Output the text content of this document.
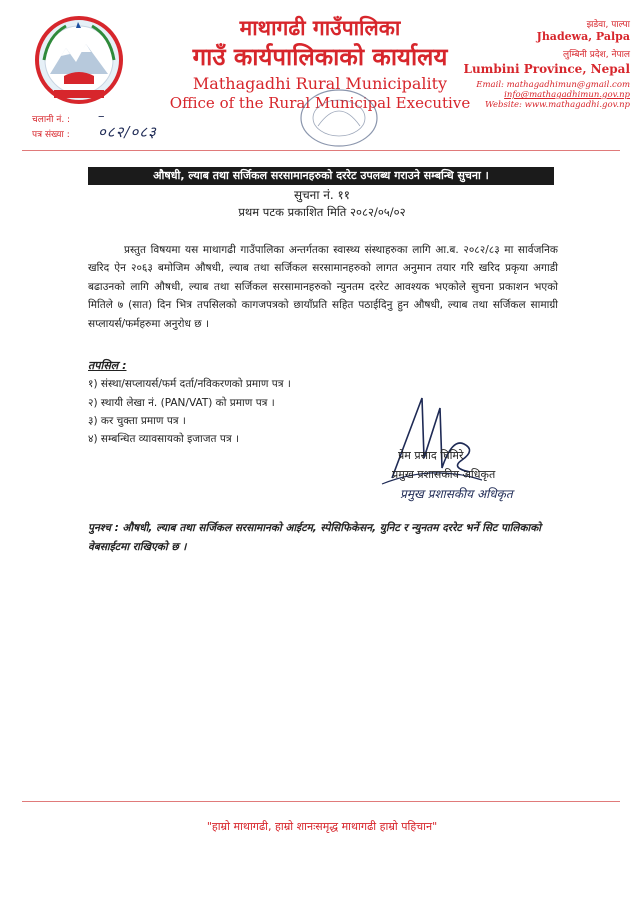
माथागढी गाउँपालिका
गाउँ कार्यपालिकाको कार्यालय
Mathagadhi Rural Municipality
Office of the Rural Municipal Executive
झडेवा, पाल्पा
Jhadewa, Palpa
लुम्बिनी प्रदेश, नेपाल
Lumbini Province, Nepal
Email: mathagadhimun@gmail.com
info@mathagadhimun.gov.np
Website: www.mathagadhi.gov.np
चलानी नं. : –
पत्र संख्या : ०८२/०८३
औषधी, ल्याब तथा सर्जिकल सरसामानहरुको दररेट उपलब्ध गराउने सम्बन्धि सुचना ।
सुचना नं. ११
प्रथम पटक प्रकाशित मिति २०८२/०५/०२
प्रस्तुत विषयमा यस माथागढी गाउँपालिका अन्तर्गतका स्वास्थ्य संस्थाहरुका लागि आ.ब. २०८२/८३ मा सार्वजनिक खरिद ऐन २०६३ बमोजिम औषधी, ल्याब तथा सर्जिकल सरसामानहरुको लागत अनुमान तयार गरि खरिद प्रकृया अगाडी बढाउनको लागि औषधी, ल्याब तथा सर्जिकल सरसामानहरुको न्युनतम दररेट आवश्यक भएकोले सुचना प्रकाशन भएको मितिले ७ (सात) दिन भित्र तपसिलको कागजपत्रको छायाँप्रति सहित पठाईदिनु हुन औषधी, ल्याब तथा सर्जिकल सामाग्री सप्लायर्स/फर्महरुमा अनुरोध छ ।
तपसिल :
१) संस्था/सप्लायर्स/फर्म दर्ता/नविकरणको प्रमाण पत्र ।
२) स्थायी लेखा नं. (PAN/VAT) को प्रमाण पत्र ।
३) कर चुक्ता प्रमाण पत्र ।
४) सम्बन्धित व्यावसायको इजाजत पत्र ।
प्रेम प्रसाद घिमिरे
प्रमुख प्रशासकीय अधिकृत
प्रमुख प्रशासकीय अधिकृत
पुनश्च : औषधी, ल्याब तथा सर्जिकल सरसामानको आईटम, स्पेसिफिकेसन, युनिट र न्युनतम दररेट भर्ने सिट पालिकाको वेबसाईटमा राखिएको छ ।
"हाम्रो माथागढी, हाम्रो शानःसमृद्ध माथागढी हाम्रो पहिचान"
